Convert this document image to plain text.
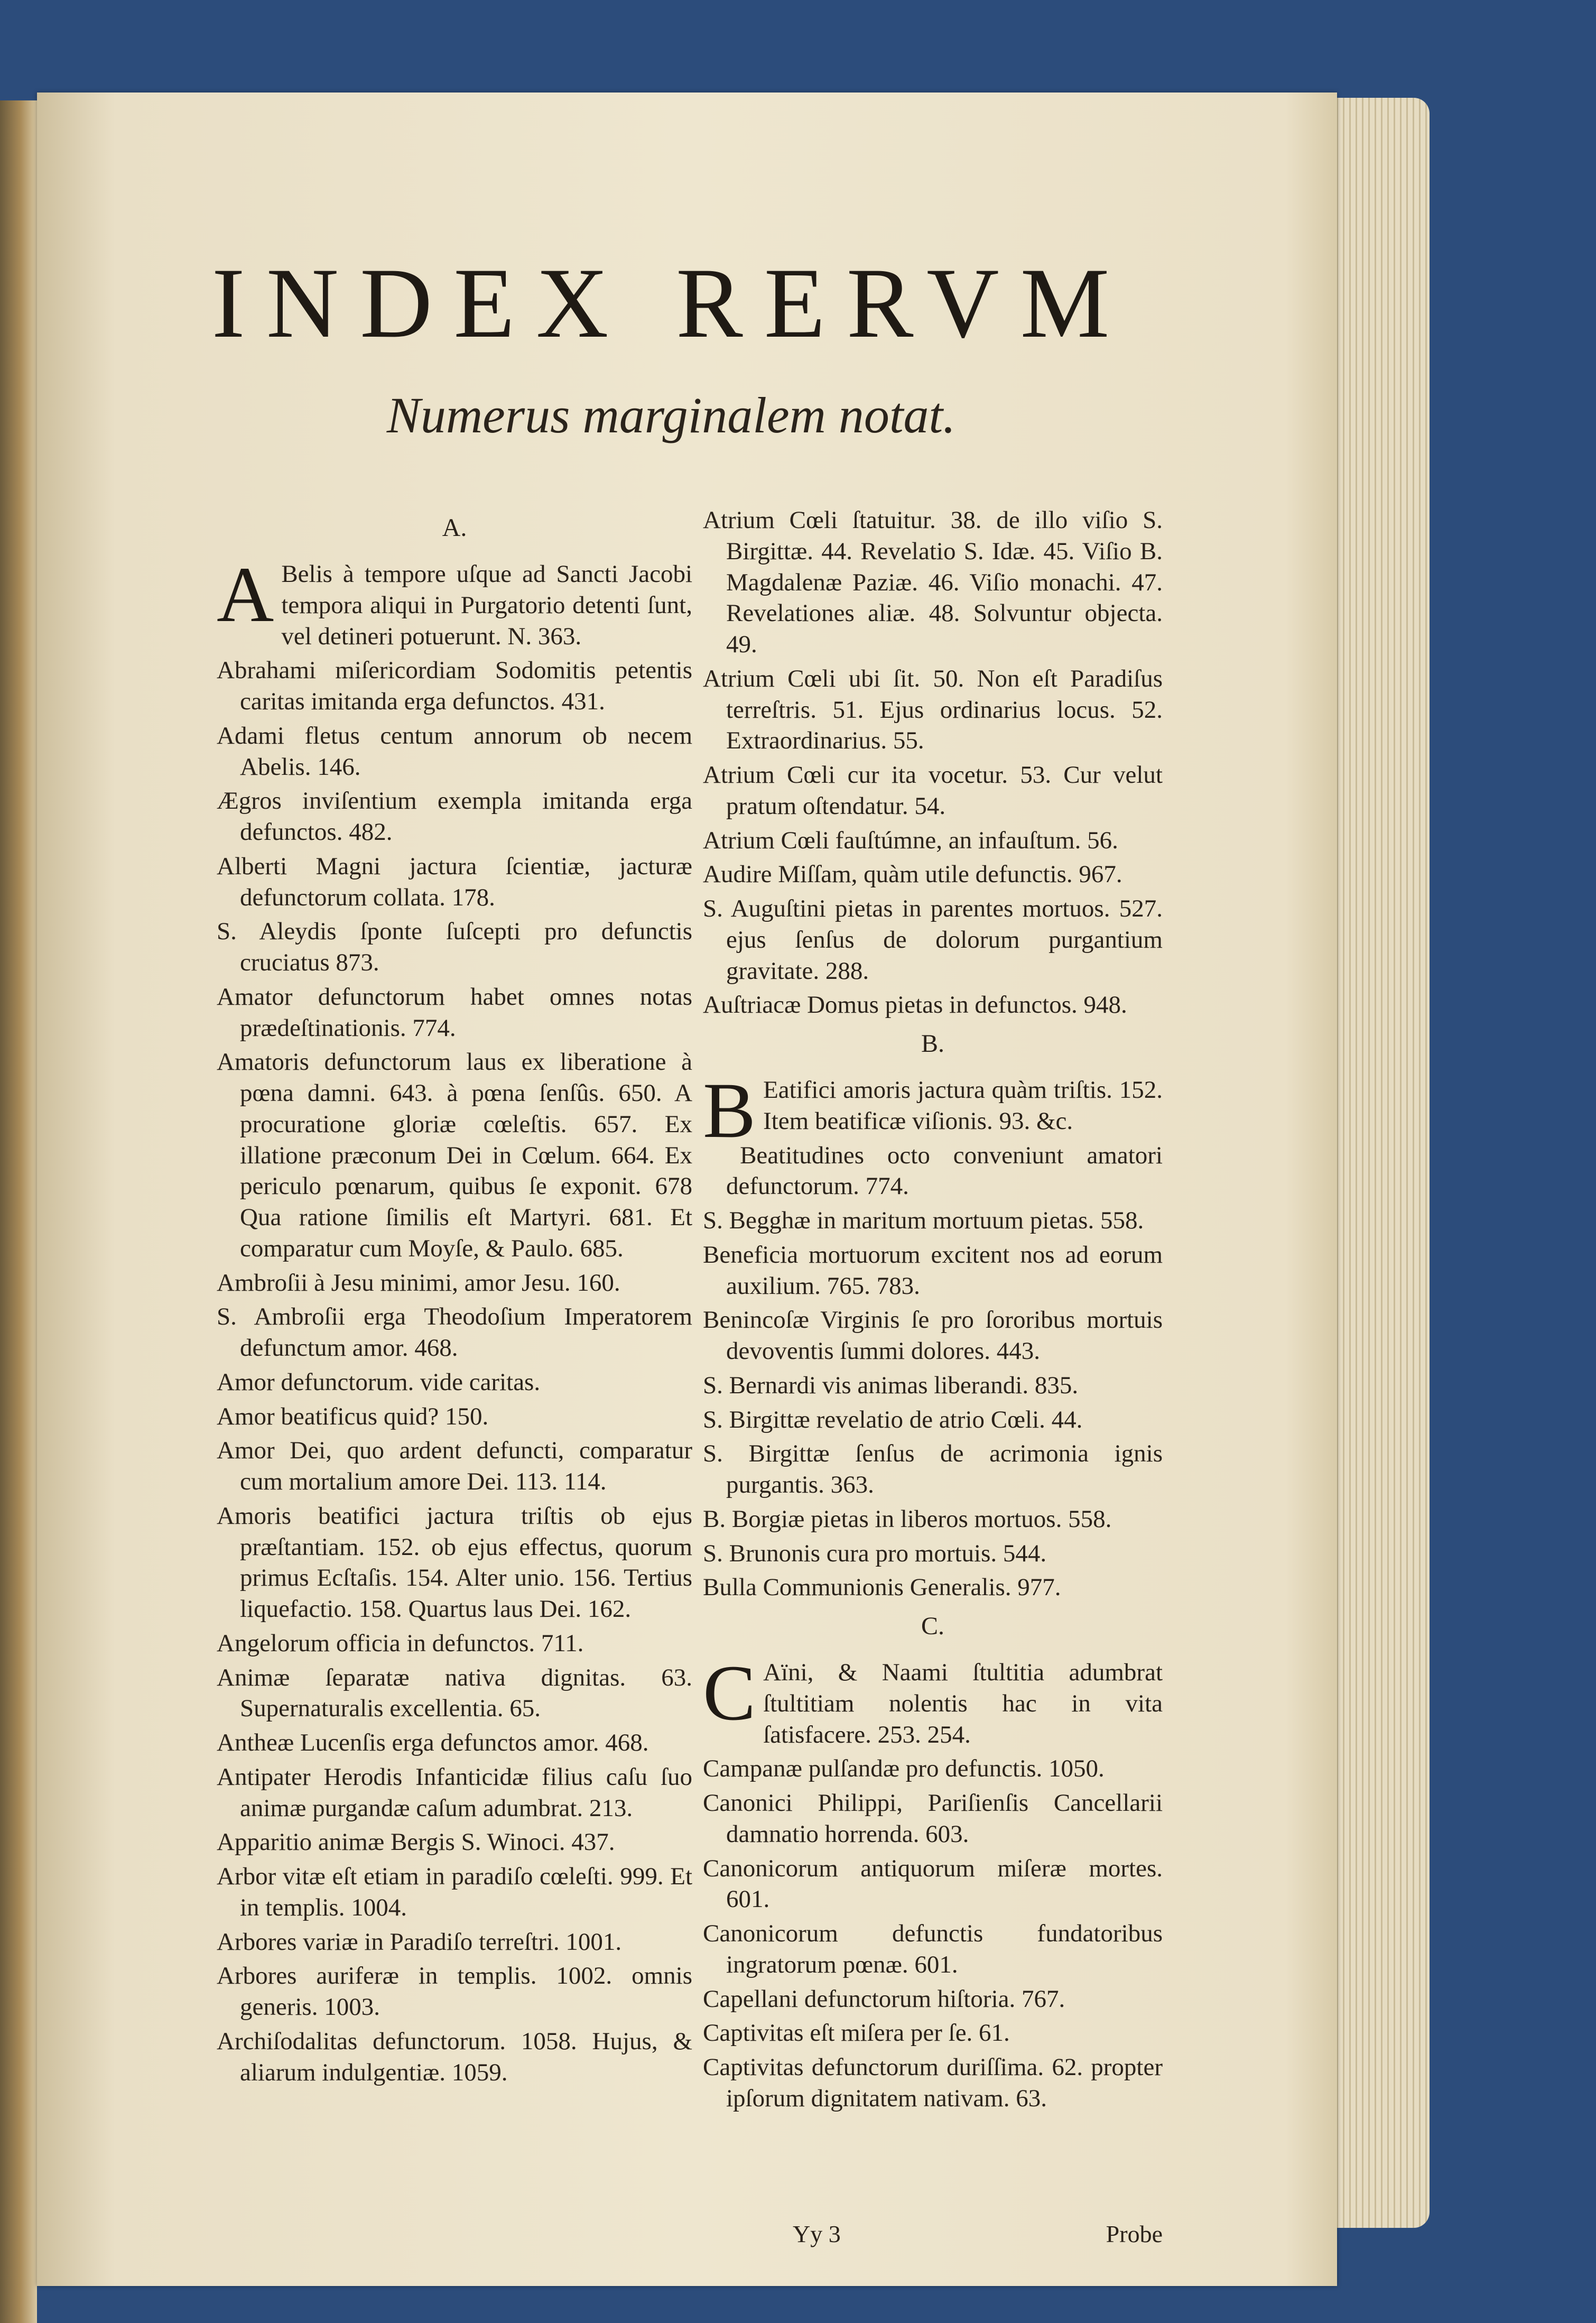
INDEX RERVM

Numerus marginalem notat.

A.

A Belis à tempore uſque ad Sancti Jacobi tempora aliqui in Purgatorio detenti ſunt, vel detineri potuerunt. N. 363.

Abrahami miſericordiam Sodomitis petentis caritas imitanda erga defunctos. 431.

Adami fletus centum annorum ob necem Abelis. 146.

Ægros inviſentium exempla imitanda erga defunctos. 482.

Alberti Magni jactura ſcientiæ, jacturæ defunctorum collata. 178.

S. Aleydis ſponte ſuſcepti pro defunctis cruciatus 873.

Amator defunctorum habet omnes notas prædeſtinationis. 774.

Amatoris defunctorum laus ex liberatione à pœna damni. 643. à pœna ſenſûs. 650. A procuratione gloriæ cœleſtis. 657. Ex illatione præconum Dei in Cœlum. 664. Ex periculo pœnarum, quibus ſe exponit. 678 Qua ratione ſimilis eſt Martyri. 681. Et comparatur cum Moyſe, & Paulo. 685.

Ambroſii à Jesu minimi, amor Jesu. 160.

S. Ambroſii erga Theodoſium Imperatorem defunctum amor. 468.

Amor defunctorum. vide caritas.

Amor beatificus quid? 150.

Amor Dei, quo ardent defuncti, comparatur cum mortalium amore Dei. 113. 114.

Amoris beatifici jactura triſtis ob ejus præſtantiam. 152. ob ejus effectus, quorum primus Ecſtaſis. 154. Alter unio. 156. Tertius liquefactio. 158. Quartus laus Dei. 162.

Angelorum officia in defunctos. 711.

Animæ ſeparatæ nativa dignitas. 63. Supernaturalis excellentia. 65.

Antheæ Lucenſis erga defunctos amor. 468.

Antipater Herodis Infanticidæ filius caſu ſuo animæ purgandæ caſum adumbrat. 213.

Apparitio animæ Bergis S. Winoci. 437.

Arbor vitæ eſt etiam in paradiſo cœleſti. 999. Et in templis. 1004.

Arbores variæ in Paradiſo terreſtri. 1001.

Arbores auriferæ in templis. 1002. omnis generis. 1003.

Archiſodalitas defunctorum. 1058. Hujus, & aliarum indulgentiæ. 1059.

Atrium Cœli ſtatuitur. 38. de illo viſio S. Birgittæ. 44. Revelatio S. Idæ. 45. Viſio B. Magdalenæ Paziæ. 46. Viſio monachi. 47. Revelationes aliæ. 48. Solvuntur objecta. 49.

Atrium Cœli ubi ſit. 50. Non eſt Paradiſus terreſtris. 51. Ejus ordinarius locus. 52. Extraordinarius. 55.

Atrium Cœli cur ita vocetur. 53. Cur velut pratum oſtendatur. 54.

Atrium Cœli fauſtúmne, an infauſtum. 56.

Audire Miſſam, quàm utile defunctis. 967.

S. Auguſtini pietas in parentes mortuos. 527. ejus ſenſus de dolorum purgantium gravitate. 288.

Auſtriacæ Domus pietas in defunctos. 948.

B.

B Eatifici amoris jactura quàm triſtis. 152. Item beatificæ viſionis. 93. &c.

Beatitudines octo conveniunt amatori defunctorum. 774.

S. Begghæ in maritum mortuum pietas. 558.

Beneficia mortuorum excitent nos ad eorum auxilium. 765. 783.

Benincoſæ Virginis ſe pro ſororibus mortuis devoventis ſummi dolores. 443.

S. Bernardi vis animas liberandi. 835.

S. Birgittæ revelatio de atrio Cœli. 44.

S. Birgittæ ſenſus de acrimonia ignis purgantis. 363.

B. Borgiæ pietas in liberos mortuos. 558.

S. Brunonis cura pro mortuis. 544.

Bulla Communionis Generalis. 977.

C.

C Aïni, & Naami ſtultitia adumbrat ſtultitiam nolentis hac in vita ſatisfacere. 253. 254.

Campanæ pulſandæ pro defunctis. 1050.

Canonici Philippi, Pariſienſis Cancellarii damnatio horrenda. 603.

Canonicorum antiquorum miſeræ mortes. 601.

Canonicorum defunctis fundatoribus ingratorum pœnæ. 601.

Capellani defunctorum hiſtoria. 767.

Captivitas eſt miſera per ſe. 61.

Captivitas defunctorum duriſſima. 62. propter ipſorum dignitatem nativam. 63.

Yy 3	Probe
